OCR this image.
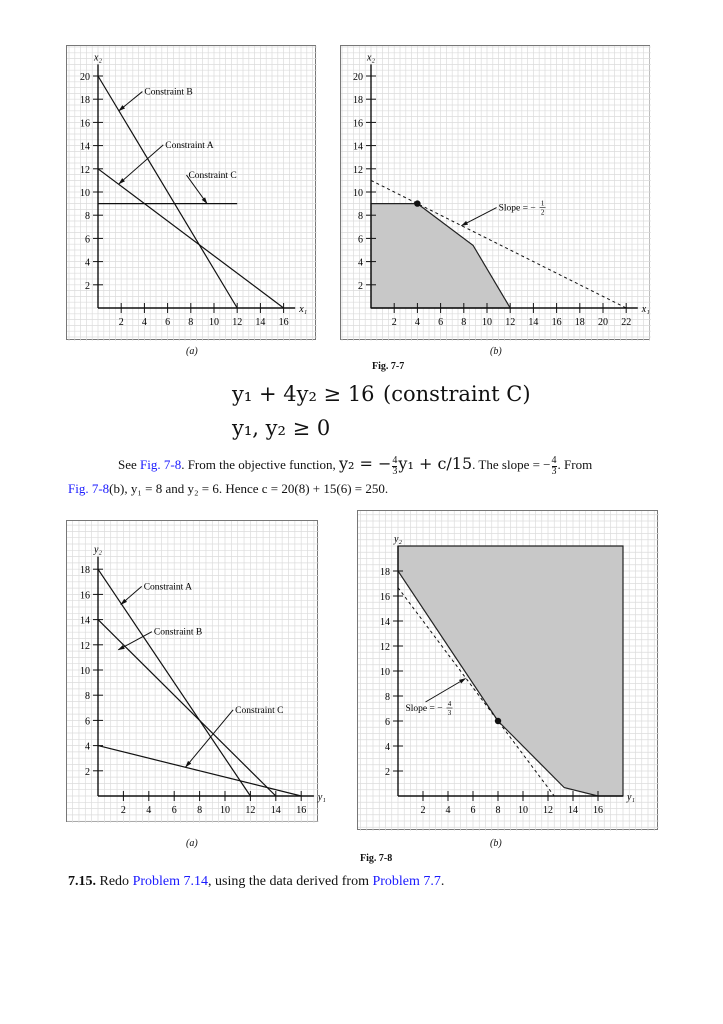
2 4 6 8 10 12 14 16
2
4
6
8
10
12
14
16
18
20
x₁
x₂
Constraint B
Constraint A
Constraint C
2 4 6 8 10 12 14 16 18 20 22
2
4
6
8
10
12
14
16
18
20
x₁
x₂
Slope = − 1
2
(a)	(b)
Fig. 7-7
y₁ + 4y₂ ≥ 16 (constraint C)
y₁, y₂ ≥ 0
See Fig. 7-8. From the objective function, y₂ = − $\frac{4}{3} y_1 + c/15$. The slope = − $\frac{4}{3}$ . From
Fig. 7-8(b), y₁ = 8 and y₂ = 6. Hence c = 20(8) + 15(6) = 250.
2 4 6 8 10 12 14 16
2
4
6
8
10
12
14
16
18
y₁
y₂
Constraint A
Constraint B
Constraint C
2 4 6 8 10 12 14 16
2
4
6
8
10
12
14
16
18
y₁
y₂
Slope = − 4
3
(a)	(b)
Fig. 7-8
7.15. Redo Problem 7.14, using the data derived from Problem 7.7.
